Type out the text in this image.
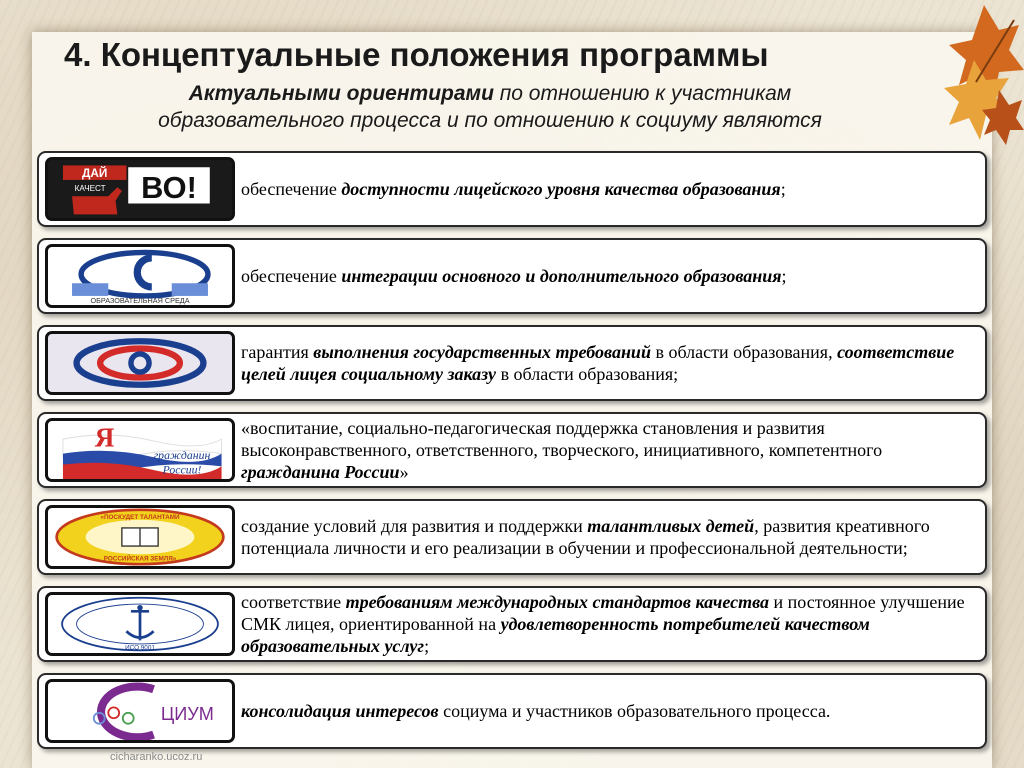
4. Концептуальные положения программы
Актуальными ориентирами по отношению к участникам
образовательного процесса и по отношению к социуму являются
ДАЙ
КАЧЕСТ ВО! обеспечение доступности лицейского уровня качества образования;
ОБРАЗОВАТЕЛЬНАЯ СРЕДА
обеспечение интеграции основного и дополнительного образования;
гарантия выполнения государственных требований в области образования, соответствие целей лицея социальному заказу в области образования;
Я
гражданин
России!
«воспитание, социально-педагогическая поддержка становления и развития высоконравственного, ответственного, творческого, инициативного, компетентного гражданина России»
«ПОСКУДЕТ ТАЛАНТАМИ
РОССИЙСКАЯ ЗЕМЛЯ»
создание условий для развития и поддержки талантливых детей, развития креативного потенциала личности и его реализации в обучении и профессиональной деятельности;
ИСО 9001
соответствие требованиям международных стандартов качества и постоянное улучшение СМК лицея, ориентированной на удовлетворенность потребителей качеством образовательных услуг;
ЦИУМ консолидация интересов социума и участников образовательного процесса.
cicharanko.ucoz.ru
